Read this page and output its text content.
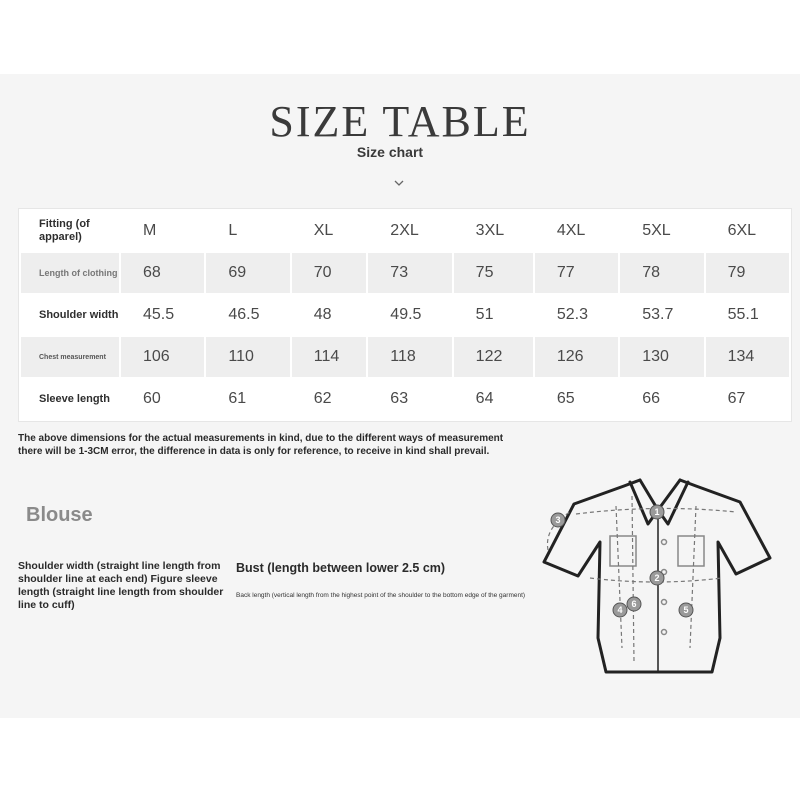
SIZE TABLE
Size chart
Fitting (of apparel)	M	L	XL	2XL	3XL	4XL	5XL	6XL
Length of clothing	68	69	70	73	75	77	78	79
Shoulder width	45.5	46.5	48	49.5	51	52.3	53.7	55.1
Chest measurement	106	110	114	118	122	126	130	134
Sleeve length	60	61	62	63	64	65	66	67
The above dimensions for the actual measurements in kind, due to the different ways of measurement
there will be 1-3CM error, the difference in data is only for reference, to receive in kind shall prevail.
Blouse
Shoulder width (straight line length from shoulder line at each end) Figure sleeve length (straight line length from shoulder line to cuff)
Bust (length between lower 2.5 cm)
Back length (vertical length from the highest point of the shoulder to the bottom edge of the garment)
1
2
3
4	5
6
